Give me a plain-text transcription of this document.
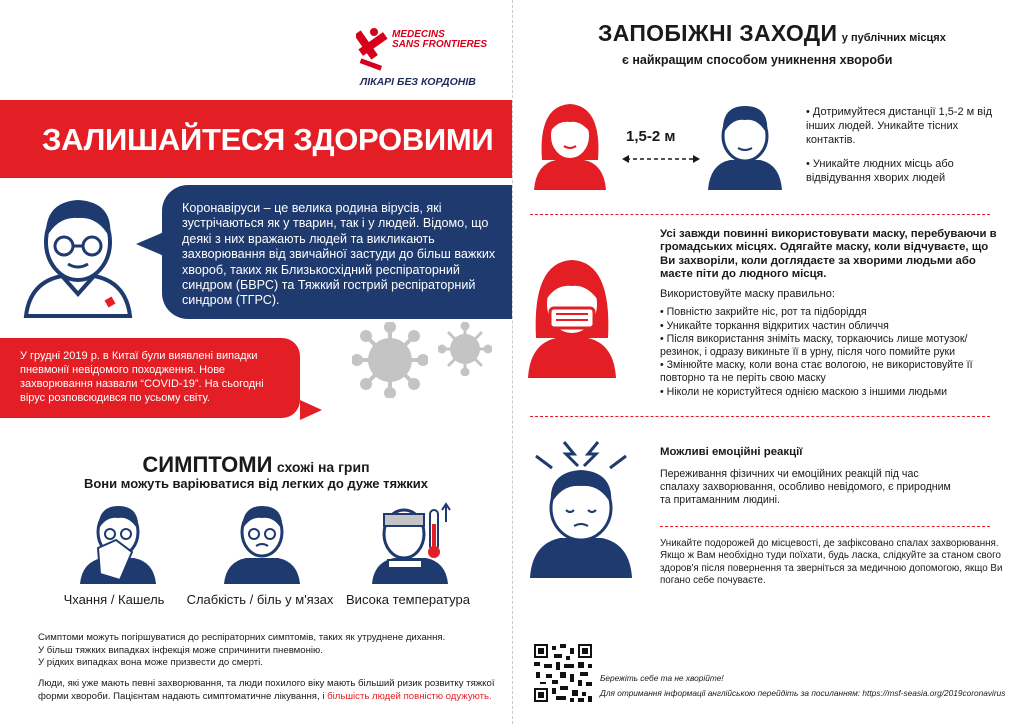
MEDECINS
SANS FRONTIERES
ЛІКАРІ БЕЗ КОРДОНІВ
ЗАЛИШАЙТЕСЯ ЗДОРОВИМИ

Коронавіруси – це велика родина вірусів, які зустрічаються як у тварин, так і у людей. Відомо, що деякі з них вражають людей та викликають захворювання від звичайної застуди до більш важких хвороб, таких як Близькосхідний респіраторний синдром (БВРС) та Тяжкий гострий респіраторний синдром (ТГРС).

У грудні 2019 р. в Китаї були виявлені випадки пневмонії невідомого походження. Нове захворювання назвали “COVID-19”. На сьогодні вірус розповсюдився по усьому світу.

СИМПТОМИ схожі на грип
Вони можуть варіюватися від легких до дуже тяжких
Чхання / Кашель	Слабкість / біль у м'язах Висока температура
Симптоми можуть погіршуватися до респіраторних симптомів, таких як утруднене дихання.
У більш тяжких випадках інфекція може спричинити пневмонію.
У рідких випадках вона може призвести до смерті.
Люди, які уже мають певні захворювання, та люди похилого віку мають більший ризик розвитку тяжкої форми хвороби. Пацієнтам надають симптоматичне лікування, і більшість людей повністю одужують.
ЗАПОБІЖНІ ЗАХОДИ у публічних місцях
є найкращим способом уникнення хвороби
1,5-2 м
• Дотримуйтеся дистанції 1,5-2 м від інших людей. Уникайте тісних контактів.
• Уникайте людних місць або відвідування хворих людей
Усі завжди повинні використовувати маску, перебуваючи в громадських місцях. Одягайте маску, коли відчуваєте, що Ви захворіли, коли доглядаєте за хворими людьми або маєте піти до людного місця.
Використовуйте маску правильно:
• Повністю закрийте ніс, рот та підборіддя
• Уникайте торкання відкритих частин обличчя
• Після використання зніміть маску, торкаючись лише мотузок/резинок, і одразу викиньте її в урну, після чого помийте руки
• Змінюйте маску, коли вона стає вологою, не використовуйте її повторно та не періть свою маску
• Ніколи не користуйтеся однією маскою з іншими людьми
Можливі емоційні реакції
Переживання фізичних чи емоційних реакцій під час спалаху захворювання, особливо невідомого, є природним та притаманним людині.
Уникайте подорожей до місцевості, де зафіксовано спалах захворювання. Якщо ж Вам необхідно туди поїхати, будь ласка, слідкуйте за станом свого здоров'я після повернення та зверніться за медичною допомогою, якщо Ви погано себе почуваєте.
Бережіть себе та не хворійте!
Для отримання інформації англійською перейдіть за посиланням: https://msf-seasia.org/2019coronavirus
